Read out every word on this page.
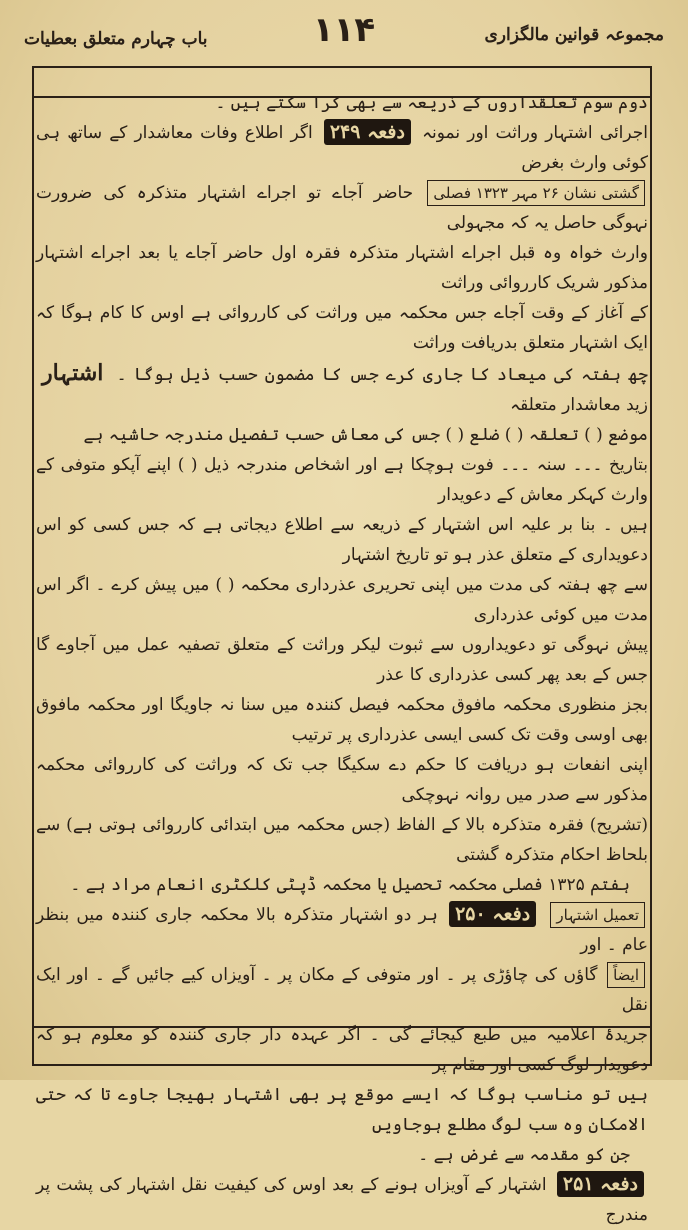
مجموعہ قوانین مالگزاری
۱۱۴
باب چہارم متعلق بعطیات

دوم سوم تعلقداروں کے ذریعہ سے بھی کرا سکتے ہیں ۔

اجرائی اشتہار وراثت اور نمونہ دفعہ ۲۴۹ اگر اطلاع وفات معاشدار کے ساتھ ہی کوئی وارث بغرض

گشتی نشان ۲۶ مہر ۱۳۲۳ فصلی حاضر آجاے تو اجراے اشتہار متذکرہ کی ضرورت نہوگی حاصل یہ کہ مجہولی

وارث خواہ وہ قبل اجراے اشتہار متذکرہ فقرہ اول حاضر آجاے یا بعد اجراے اشتہار مذکور شریک کارروائی وراثت

کے آغاز کے وقت آجاے جس محکمہ میں وراثت کی کارروائی ہے اوس کا کام ہوگا کہ ایک اشتہار متعلق بدریافت وراثت

چھ ہفتہ کی میعاد کا جاری کرے جس کا مضمون حسب ذیل ہوگا ۔ اشتہار زید معاشدار متعلقہ

موضع ( ) تعلقہ ( ) ضلع ( ) جس کی معاش حسب تفصیل مندرجہ حاشیہ ہے

بتاریخ ۔۔۔ سنہ ۔۔۔ فوت ہوچکا ہے اور اشخاص مندرجہ ذیل ( ) اپنے آپکو متوفی کے وارث کہکر معاش کے دعویدار

ہیں ۔ بنا بر علیہ اس اشتہار کے ذریعہ سے اطلاع دیجاتی ہے کہ جس کسی کو اس دعویداری کے متعلق عذر ہو تو تاریخ اشتہار

سے چھ ہفتہ کی مدت میں اپنی تحریری عذرداری محکمہ ( ) میں پیش کرے ۔ اگر اس مدت میں کوئی عذرداری

پیش نہوگی تو دعویداروں سے ثبوت لیکر وراثت کے متعلق تصفیہ عمل میں آجاوے گا جس کے بعد پھر کسی عذرداری کا عذر

بجز منظوری محکمہ مافوق محکمہ فیصل کنندہ میں سنا نہ جاویگا اور محکمہ مافوق بھی اوسی وقت تک کسی ایسی عذرداری پر ترتیب

اپنی انفعات ہو دریافت کا حکم دے سکیگا جب تک کہ وراثت کی کارروائی محکمہ مذکور سے صدر میں روانہ نہوچکی

(تشریح) فقرہ متذکرہ بالا کے الفاظ (جس محکمہ میں ابتدائی کارروائی ہوتی ہے) سے بلحاظ احکام متذکرہ گشتی

ہفتم ۱۳۲۵ فصلی محکمہ تحصیل یا محکمہ ڈپٹی کلکٹری انعام مراد ہے ۔

تعمیل اشتہار دفعہ ۲۵۰ ہر دو اشتہار متذکرہ بالا محکمہ جاری کنندہ میں بنظر عام ۔ اور

ایضاً گاؤں کی چاؤڑی پر ۔ اور متوفی کے مکان پر ۔ آویزاں کیے جائیں گے ۔ اور ایک نقل

جریدۂ اعلامیہ میں طبع کیجائے گی ۔ اگر عہدہ دار جاری کنندہ کو معلوم ہو کہ دعویدار لوگ کسی اور مقام پر

ہیں تو مناسب ہوگا کہ ایسے موقع پر بھی اشتہار بھیجا جاوے تا کہ حتی الامکان وہ سب لوگ مطلع ہوجاویں

جن کو مقدمہ سے غرض ہے ۔

دفعہ ۲۵۱ اشتہار کے آویزاں ہونے کے بعد اوس کی کیفیت نقل اشتہار کی پشت پر مندرج
